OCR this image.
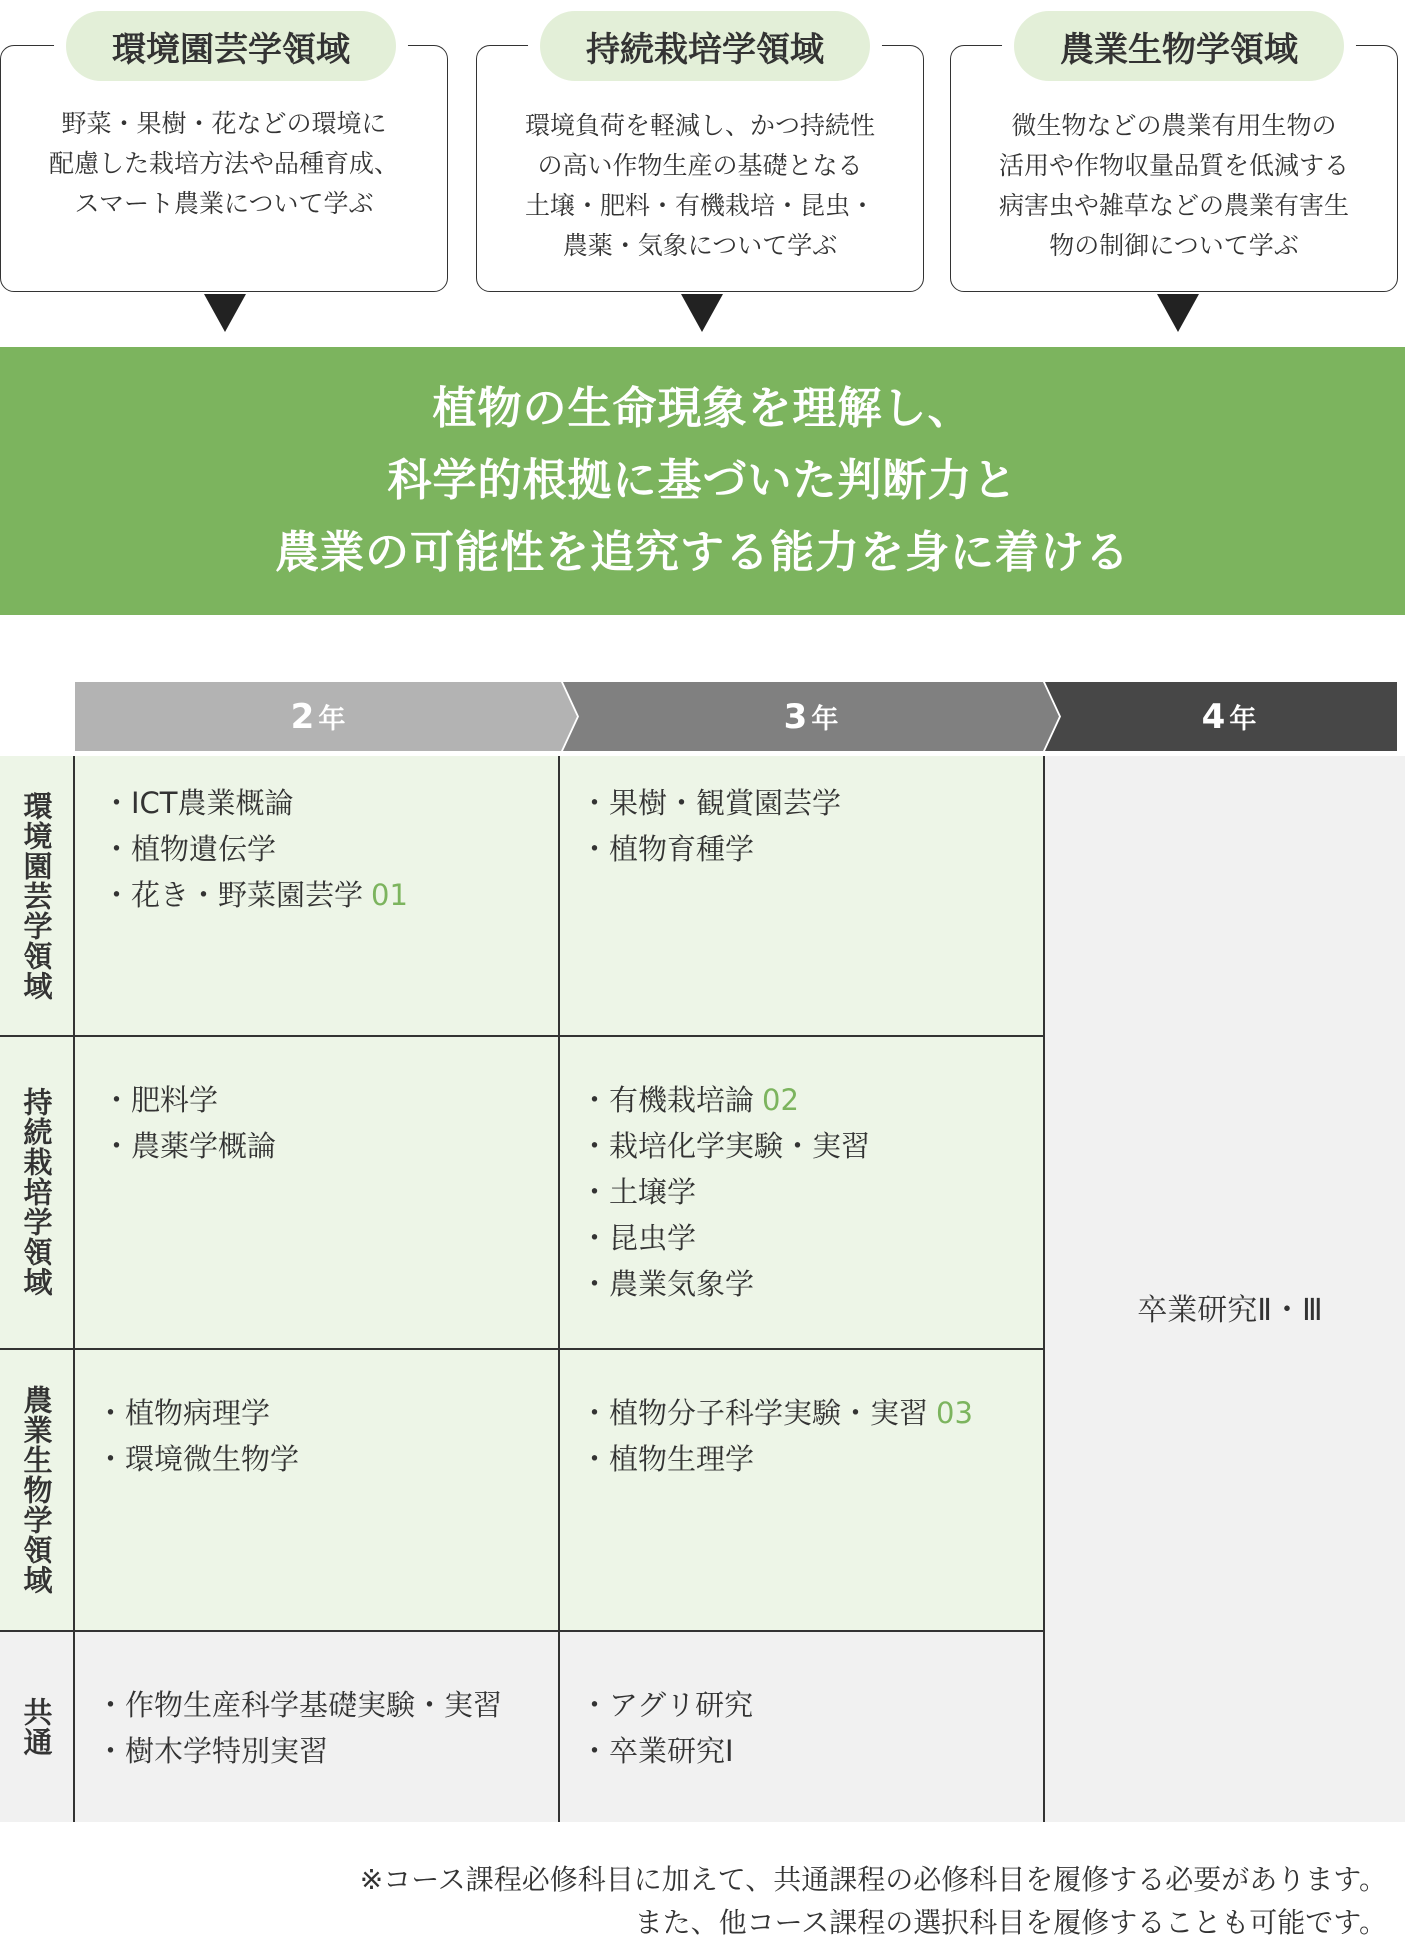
野菜・果樹・花などの環境に
配慮した栽培方法や品種育成、
スマート農業について学ぶ
環境園芸学領域
環境負荷を軽減し、かつ持続性
の高い作物生産の基礎となる
土壌・肥料・有機栽培・昆虫・
農薬・気象について学ぶ
持続栽培学領域
微生物などの農業有用生物の
活用や作物収量品質を低減する
病害虫や雑草などの農業有害生
物の制御について学ぶ
農業生物学領域
植物の生命現象を理解し、
科学的根拠に基づいた判断力と
農業の可能性を追究する能力を身に着ける
2 年	3 年	4 年
環境園芸学領域
持続栽培学領域
農業生物学領域
共通
・ICT農業概論
・植物遺伝学
・花き・野菜園芸学 01
・果樹・観賞園芸学
・植物育種学
・肥料学
・農薬学概論
・有機栽培論 02
・栽培化学実験・実習
・土壌学
・昆虫学
・農業気象学
・植物病理学
・環境微生物学
・植物分子科学実験・実習 03
・植物生理学
・作物生産科学基礎実験・実習
・樹木学特別実習
・アグリ研究
・卒業研究Ⅰ
卒業研究Ⅱ・Ⅲ
※コース課程必修科目に加えて、共通課程の必修科目を履修する必要があります。
また、他コース課程の選択科目を履修することも可能です。
